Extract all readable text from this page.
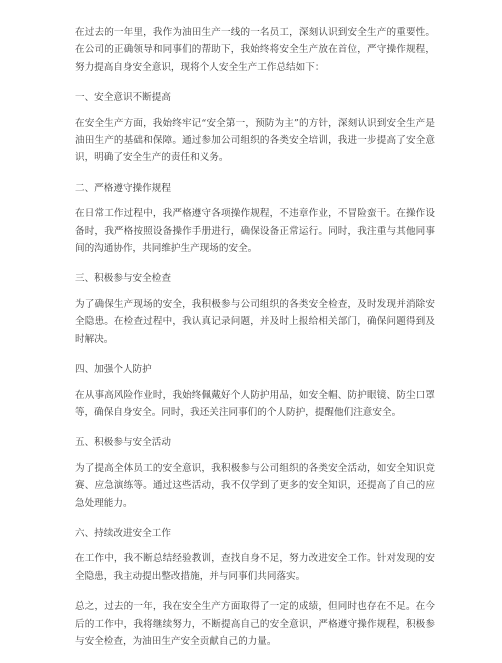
在过去的一年里，我作为油田生产一线的一名员工，深刻认识到安全生产的重要性。在公司的正确领导和同事们的帮助下，我始终将安全生产放在首位，严守操作规程，努力提高自身安全意识，现将个人安全生产工作总结如下：

一、安全意识不断提高

在安全生产方面，我始终牢记“安全第一，预防为主”的方针，深刻认识到安全生产是油田生产的基础和保障。通过参加公司组织的各类安全培训，我进一步提高了安全意识，明确了安全生产的责任和义务。

二、严格遵守操作规程

在日常工作过程中，我严格遵守各项操作规程，不违章作业，不冒险蛮干。在操作设备时，我严格按照设备操作手册进行，确保设备正常运行。同时，我注重与其他同事间的沟通协作，共同维护生产现场的安全。

三、积极参与安全检查

为了确保生产现场的安全，我积极参与公司组织的各类安全检查，及时发现并消除安全隐患。在检查过程中，我认真记录问题，并及时上报给相关部门，确保问题得到及时解决。

四、加强个人防护

在从事高风险作业时，我始终佩戴好个人防护用品，如安全帽、防护眼镜、防尘口罩等，确保自身安全。同时，我还关注同事们的个人防护，提醒他们注意安全。

五、积极参与安全活动

为了提高全体员工的安全意识，我积极参与公司组织的各类安全活动，如安全知识竞赛、应急演练等。通过这些活动，我不仅学到了更多的安全知识，还提高了自己的应急处理能力。

六、持续改进安全工作

在工作中，我不断总结经验教训，查找自身不足，努力改进安全工作。针对发现的安全隐患，我主动提出整改措施，并与同事们共同落实。

总之，过去的一年，我在安全生产方面取得了一定的成绩，但同时也存在不足。在今后的工作中，我将继续努力，不断提高自己的安全意识，严格遵守操作规程，积极参与安全检查，为油田生产安全贡献自己的力量。
